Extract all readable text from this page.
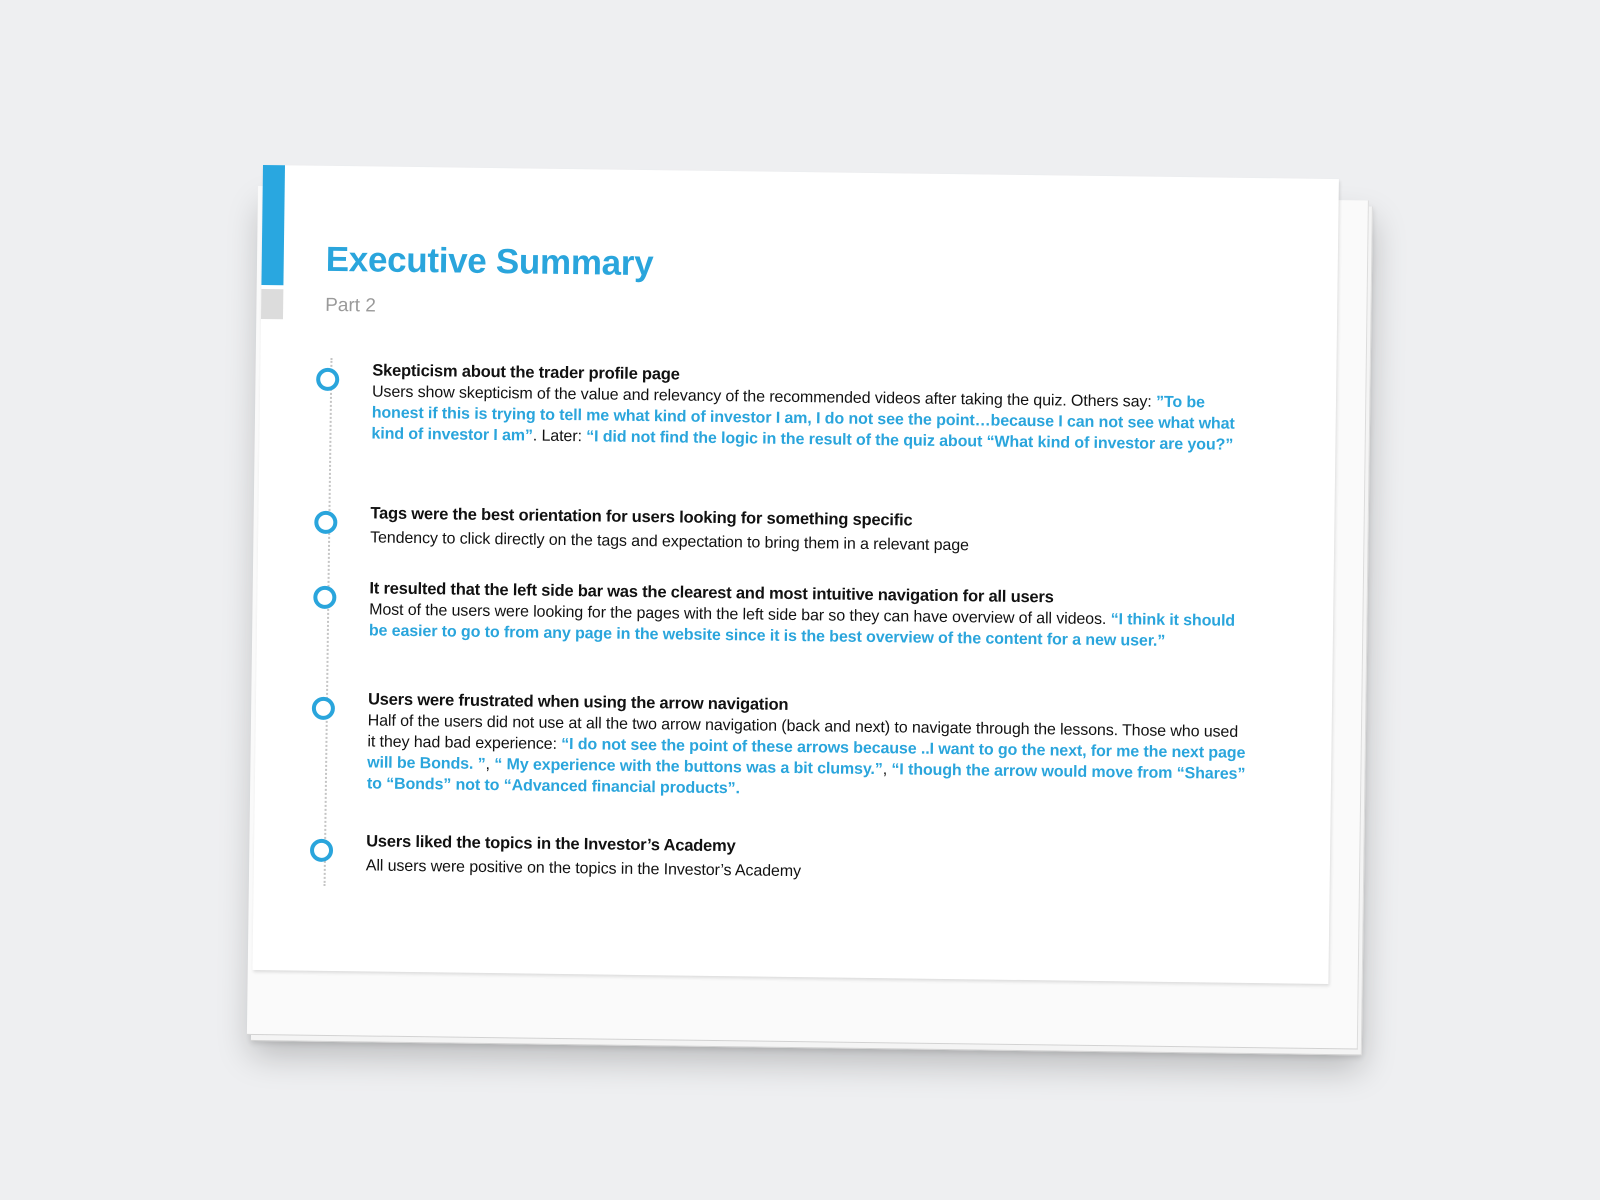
Executive Summary
Part 2
Skepticism about the trader profile page
Users show skepticism of the value and relevancy of the recommended videos after taking the quiz. Others say: ”To be honest if this is trying to tell me what kind of investor I am, I do not see the point…because I can not see what what kind of investor I am”. Later: “I did not find the logic in the result of the quiz about “What kind of investor are you?”
Tags were the best orientation for users looking for something specific
Tendency to click directly on the tags and expectation to bring them in a relevant page
It resulted that the left side bar was the clearest and most intuitive navigation for all users
Most of the users were looking for the pages with the left side bar so they can have overview of all videos. “I think it should be easier to go to from any page in the website since it is the best overview of the content for a new user.”
Users were frustrated when using the arrow navigation
Half of the users did not use at all the two arrow navigation (back and next) to navigate through the lessons. Those who used it they had bad experience: “I do not see the point of these arrows because ..I want to go the next, for me the next page will be Bonds. ”, “ My experience with the buttons was a bit clumsy.”, “I though the arrow would move from “Shares” to “Bonds” not to “Advanced financial products”.
Users liked the topics in the Investor’s Academy
All users were positive on the topics in the Investor’s Academy
